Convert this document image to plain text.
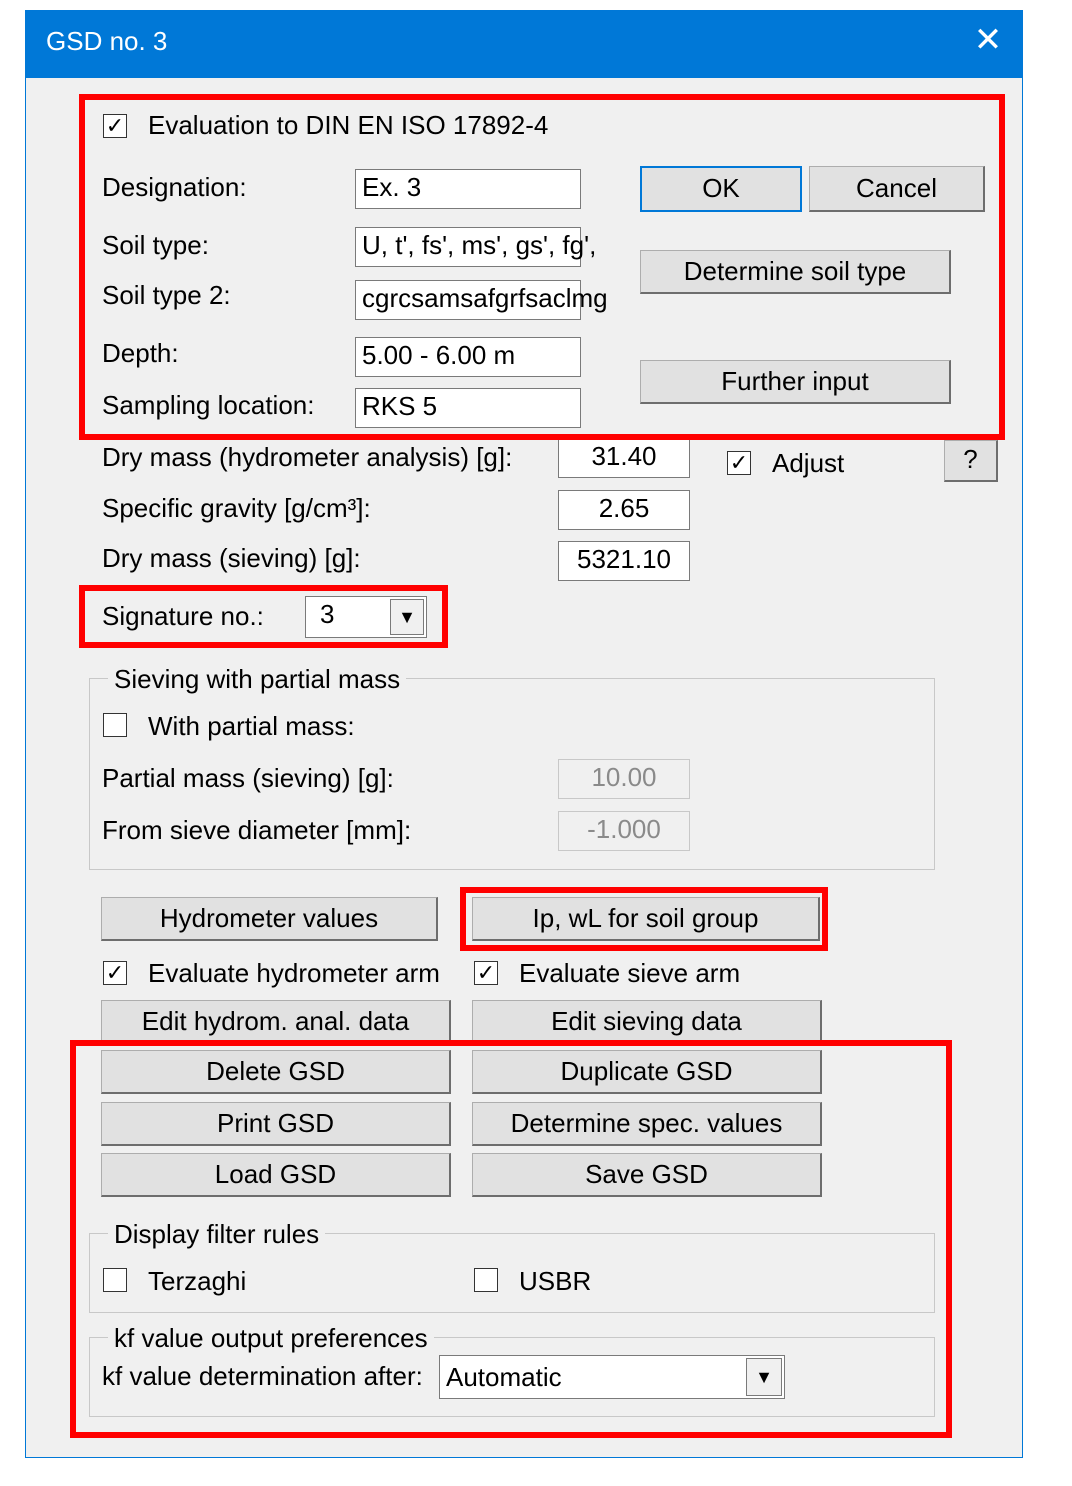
GSD no. 3	✕
✓ Evaluation to DIN EN ISO 17892-4
Designation:	Ex. 3
Soil type:	U, t', fs', ms', gs', fg',
Soil type 2:	cgrcsamsafgrfsaclmg
Depth:	5.00 - 6.00 m
Sampling location: RKS 5
OK	Cancel
Determine soil type
Further input
Dry mass (hydrometer analysis) [g]:	31.40	✓ Adjust	?
Specific gravity [g/cm³]:	2.65
Dry mass (sieving) [g]:	5321.10
Signature no.:	3	▼
Sieving with partial mass
With partial mass:
Partial mass (sieving) [g]:	10.00
From sieve diameter [mm]:	-1.000
Hydrometer values	Ip, wL for soil group
✓ Evaluate hydrometer arm ✓ Evaluate sieve arm
Edit hydrom. anal. data	Edit sieving data
Delete GSD	Duplicate GSD
Print GSD	Determine spec. values
Load GSD	Save GSD
Display filter rules
Terzaghi	USBR
kf value output preferences
kf value determination after: Automatic	▼
